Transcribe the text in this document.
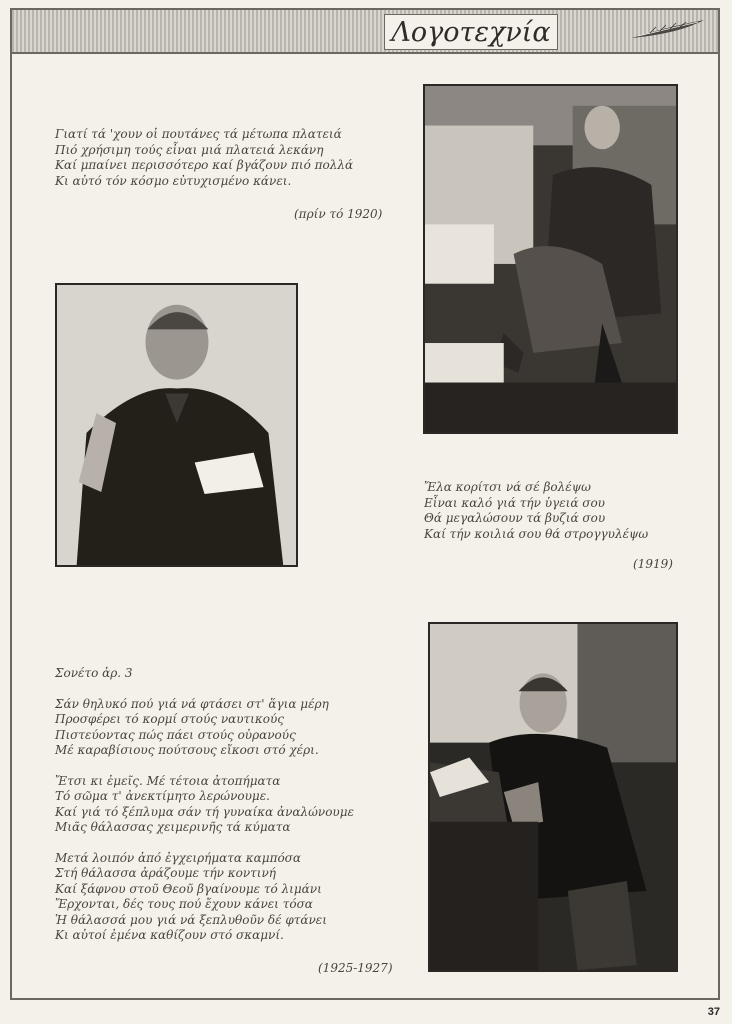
Λογοτεχνία
Γιατί τά 'χουν οἱ πουτάνες τά μέτωπα πλατειά
Πιό χρήσιμη τούς εἶναι μιά πλατειά λεκάνη
Καί μπαίνει περισσότερο καί βγάζουν πιό πολλά
Κι αὐτό τόν κόσμο εὐτυχισμένο κάνει.
(πρίν τό 1920)
Ἔλα κορίτσι νά σέ βολέψω
Εἶναι καλό γιά τήν ὑγειά σου
Θά μεγαλώσουν τά βυζιά σου
Καί τήν κοιλιά σου θά στρογγυλέψω
(1919)
Σονέτο ἀρ. 3
Σάν θηλυκό πού γιά νά φτάσει στ' ἅγια μέρη
Προσφέρει τό κορμί στούς ναυτικούς
Πιστεύοντας πώς πάει στούς οὐρανούς
Μέ καραβίσιους πούτσους εἴκοσι στό χέρι.
Ἔτσι κι ἐμεῖς. Μέ τέτοια ἀτοπήματα
Τό σῶμα τ' ἀνεκτίμητο λερώνουμε.
Καί γιά τό ξέπλυμα σάν τή γυναίκα ἀναλώνουμε
Μιᾶς θάλασσας χειμερινῆς τά κύματα
Μετά λοιπόν ἀπό ἐγχειρήματα καμπόσα
Στή θάλασσα ἀράζουμε τήν κοντινή
Καί ξάφνου στοῦ Θεοῦ βγαίνουμε τό λιμάνι
Ἔρχονται, δές τους πού ἔχουν κάνει τόσα
Ἡ θάλασσά μου γιά νά ξεπλυθοῦν δέ φτάνει
Κι αὐτοί ἐμένα καθίζουν στό σκαμνί.
(1925-1927)
37
